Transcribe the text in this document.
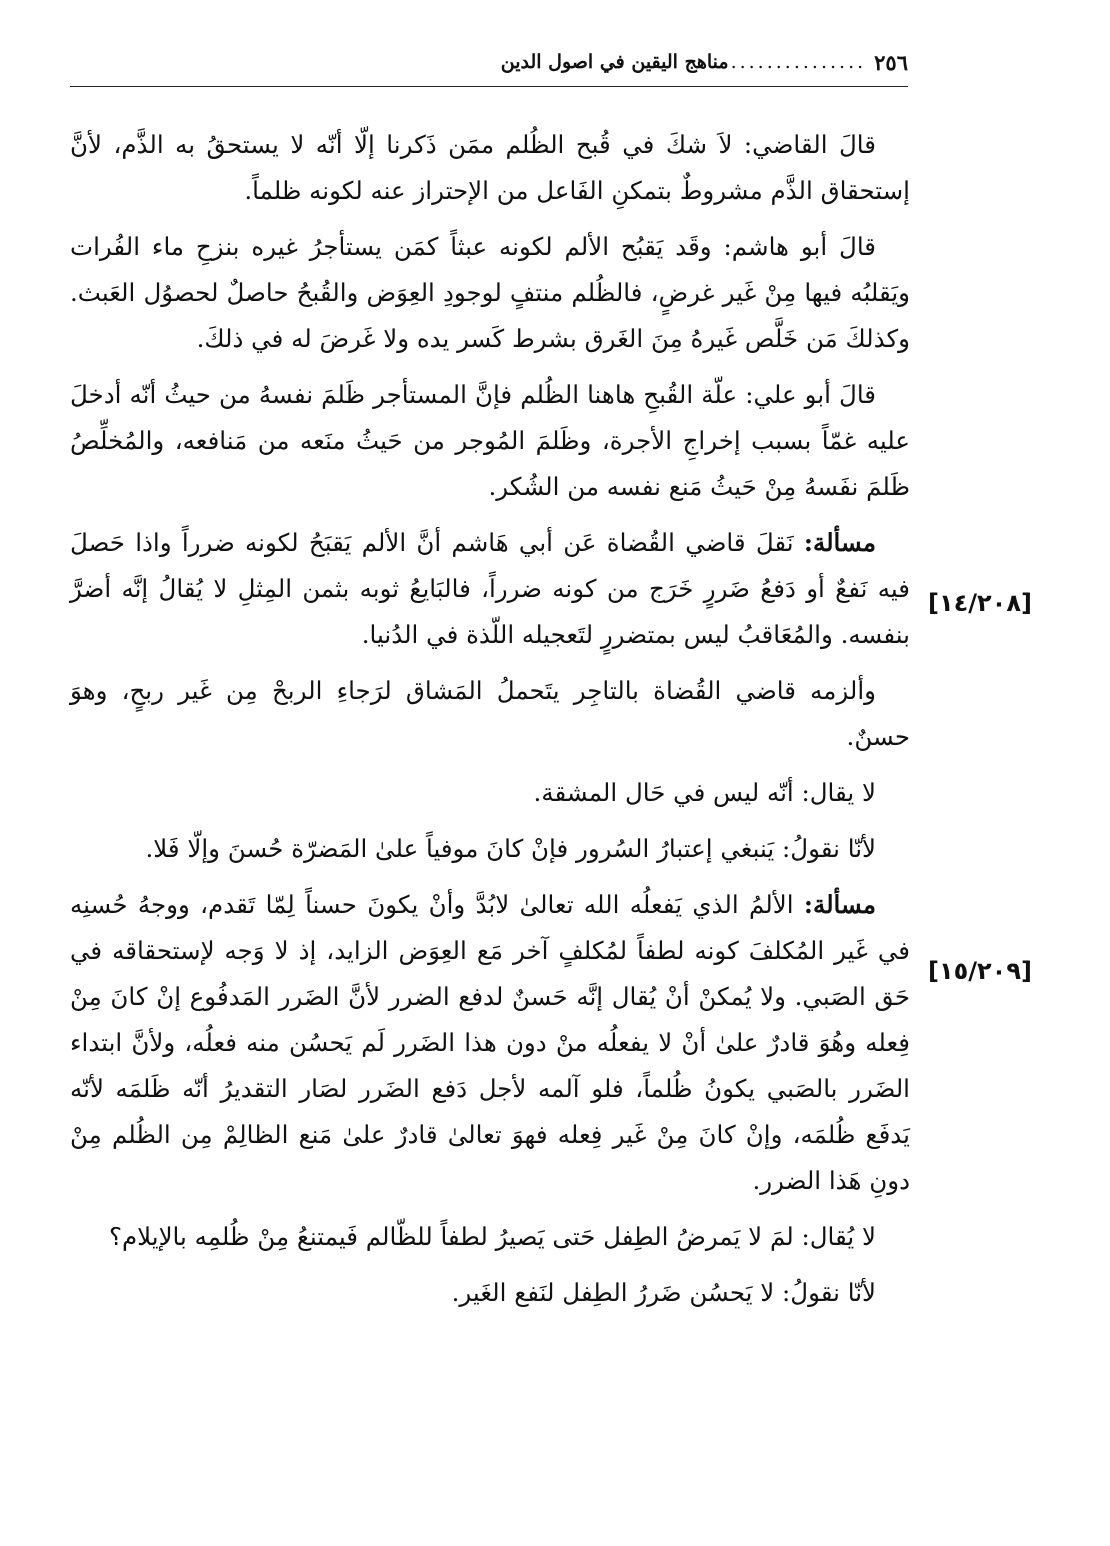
٢٥٦
...............
مناهج اليقين في اصول الدين
[١٤/٢٠٨]
[١٥/٢٠٩]

قالَ القاضي: لاَ شكَ في قُبح الظُلم ممَن ذَكرنا إلّا أنّه لا يستحقُ به الذَّم، لأنَّ إستحقاق الذَّم مشروطٌ بتمكنِ الفَاعل من الإحتراز عنه لكونه ظلماً.

قالَ أبو هاشم: وقَد يَقبُح الألم لكونه عبثاً كمَن يستأجرُ غيره بنزحِ ماء الفُرات ويَقلبُه فيها مِنْ غَير غرضٍ، فالظُلم منتفٍ لوجودِ العِوَض والقُبحُ حاصلٌ لحصوُل العَبث. وكذلكَ مَن خَلَّص غَيرهُ مِنَ الغَرق بشرط كَسر يده ولا غَرضَ له في ذلكَ.

قالَ أبو علي: علّة القُبحِ هاهنا الظُلم فإنَّ المستأجر ظَلمَ نفسهُ من حيثُ أنّه أدخلَ عليه غمّاً بسبب إخراجِ الأجرة، وظَلمَ المُوجر من حَيثُ منَعه من مَنافعه، والمُخلِّصُ ظَلمَ نفَسهُ مِنْ حَيثُ مَنع نفسه من الشُكر.

مسألة: نَقلَ قاضي القُضاة عَن أبي هَاشم أنَّ الألم يَقبَحُ لكونه ضرراً واذا حَصلَ فيه نَفعٌ أو دَفعُ ضَررٍ خَرَج من كونه ضرراً، فالبَايعُ ثوبه بثمن المِثلِ لا يُقالُ إنَّه أضرَّ بنفسه. والمُعَاقبُ ليس بمتضررٍ لتَعجيله اللّذة في الدُنيا.

وألزمه قاضي القُضاة بالتاجِر يتَحملُ المَشاق لرَجاءِ الربحْ مِن غَير ربحٍ، وهوَ حسنٌ.

لا يقال: أنّه ليس في حَال المشقة.

لأنّا نقولُ: يَنبغي إعتبارُ السُرور فإنْ كانَ موفياً علىٰ المَضرّة حُسنَ وإلّا فَلا.

مسألة: الألمُ الذي يَفعلُه الله تعالىٰ لابُدَّ وأنْ يكونَ حسناً لِمّا تَقدم، ووجهُ حُسنِه في غَير المُكلفَ كونه لطفاً لمُكلفٍ آخر مَع العِوَض الزايد، إذ لا وَجه لإستحقاقه في حَق الصَبي. ولا يُمكنْ أنْ يُقال إنَّه حَسنٌ لدفع الضرر لأنَّ الضَرر المَدفُوع إنْ كانَ مِنْ فِعله وهُوَ قادرٌ علىٰ أنْ لا يفعلُه منْ دون هذا الضَرر لَم يَحسُن منه فعلُه، ولأنَّ ابتداء الضَرر بالصَبي يكونُ ظُلماً، فلو آلمه لأجل دَفع الضَرر لصَار التقديرُ أنّه ظَلمَه لأنّه يَدفَع ظُلمَه، وإنْ كانَ مِنْ غَير فِعله فهوَ تعالىٰ قادرٌ علىٰ مَنع الظالِمْ مِن الظُلم مِنْ دونِ هَذا الضرر.

لا يُقال: لمَ لا يَمرضُ الطِفل حَتى يَصيرُ لطفاً للظّالم فَيمتنعُ مِنْ ظُلمِه بالإيلام؟

لأنّا نقولُ: لا يَحسُن ضَررُ الطِفل لنَفع الغَير.
